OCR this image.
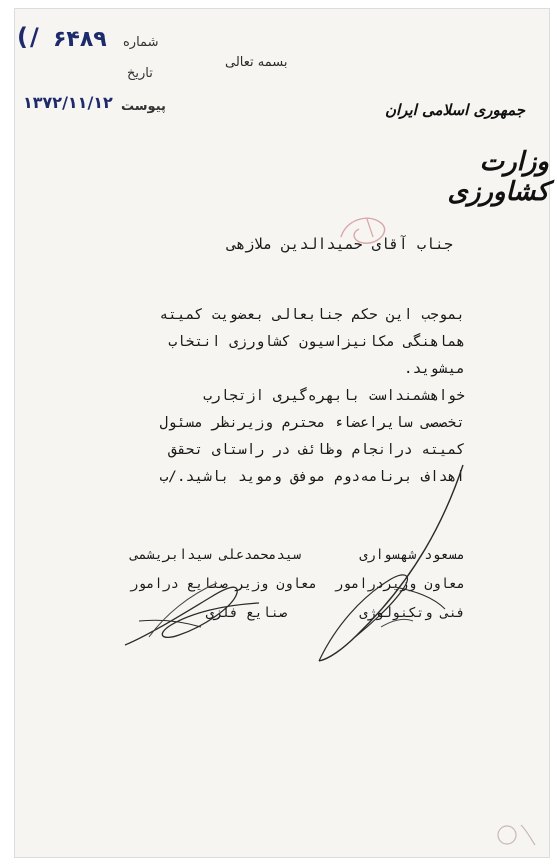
(/ ۶۴۸۹ شماره
تاریخ
۱۳۷۲/۱۱/۱۲ پیوست
بسمه تعالی
جمهوری اسلامی ایران
وزارت کشاورزی
جناب آقای حمیدالدین ملازهی
بموجب این حکم جنابعالی بعضویت کمیته
هماهنگی مکانیزاسیون کشاورزی انتخاب
میشوید.
خواهشمنداست بابهره‌گیری ازتجارب
تخصصی سایراعضاء محترم وزیرنظر مسئول
کمیته درانجام وظائف در راستای تحقق
اهداف برنامه‌دوم موفق وموید باشید./ب
مسعود شهسواری
معاون وزیردرامور
فنی وتکنولوژی
سیدمحمدعلی سیدابریشمی
معاون وزیر صنایع درامور
صنایع فلزی
